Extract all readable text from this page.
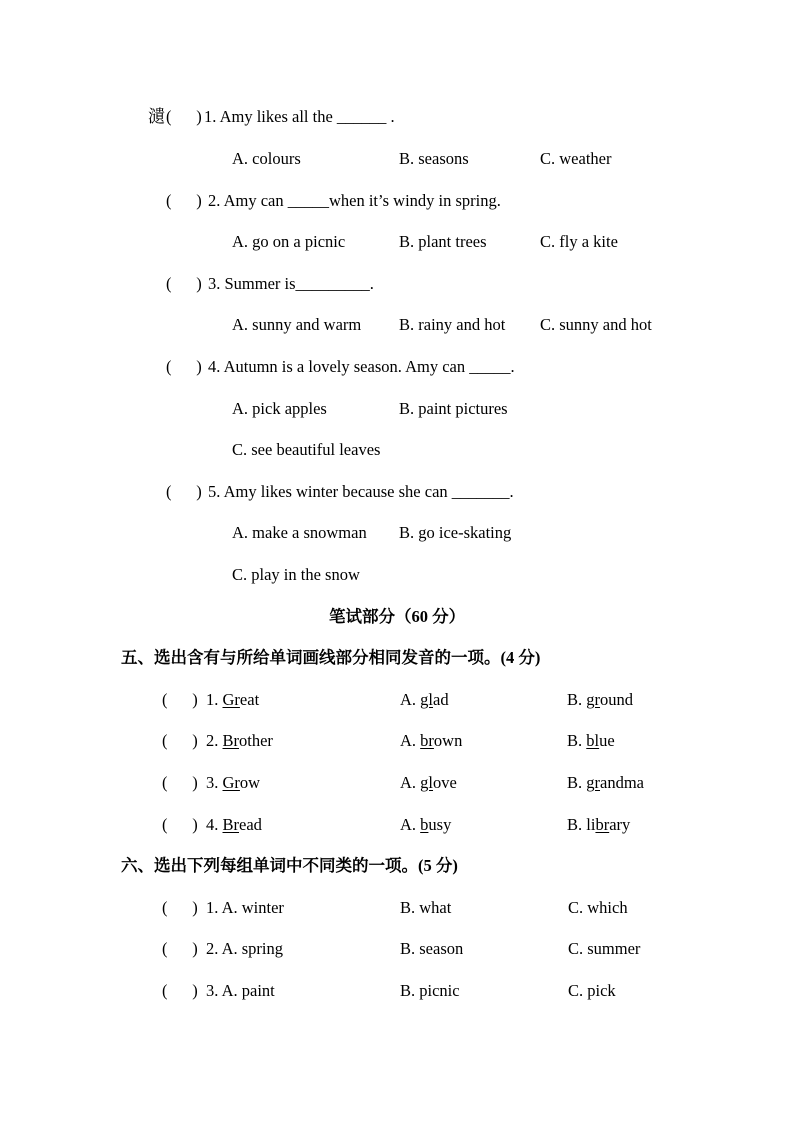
瀢 (      ) 1. Amy likes all the ______ .
A. colours	B. seasons	C. weather
(      ) 2. Amy can _____when it’s windy in spring.
A. go on a picnic	B. plant trees	C. fly a kite
(      ) 3. Summer is_________.
A. sunny and warm B. rainy and hot C. sunny and hot
(      ) 4. Autumn is a lovely season. Amy can _____.
A. pick apples	B. paint pictures
C. see beautiful leaves
(      ) 5. Amy likes winter because she can _______.
A. make a snowman B. go ice-skating
C. play in the snow
笔试部分（60 分）
五、选出含有与所给单词画线部分相同发音的一项。(4 分)
(      ) 1. Great	A. glad	B. ground
(      ) 2. Brother	A. brown	B. blue
(      ) 3. Grow	A. glove	B. grandma
(      ) 4. Bread	A. busy	B. library
六、选出下列每组单词中不同类的一项。(5 分)
(      ) 1. A. winter	B. what	C. which
(      ) 2. A. spring	B. season	C. summer
(      ) 3. A. paint	B. picnic	C. pick
